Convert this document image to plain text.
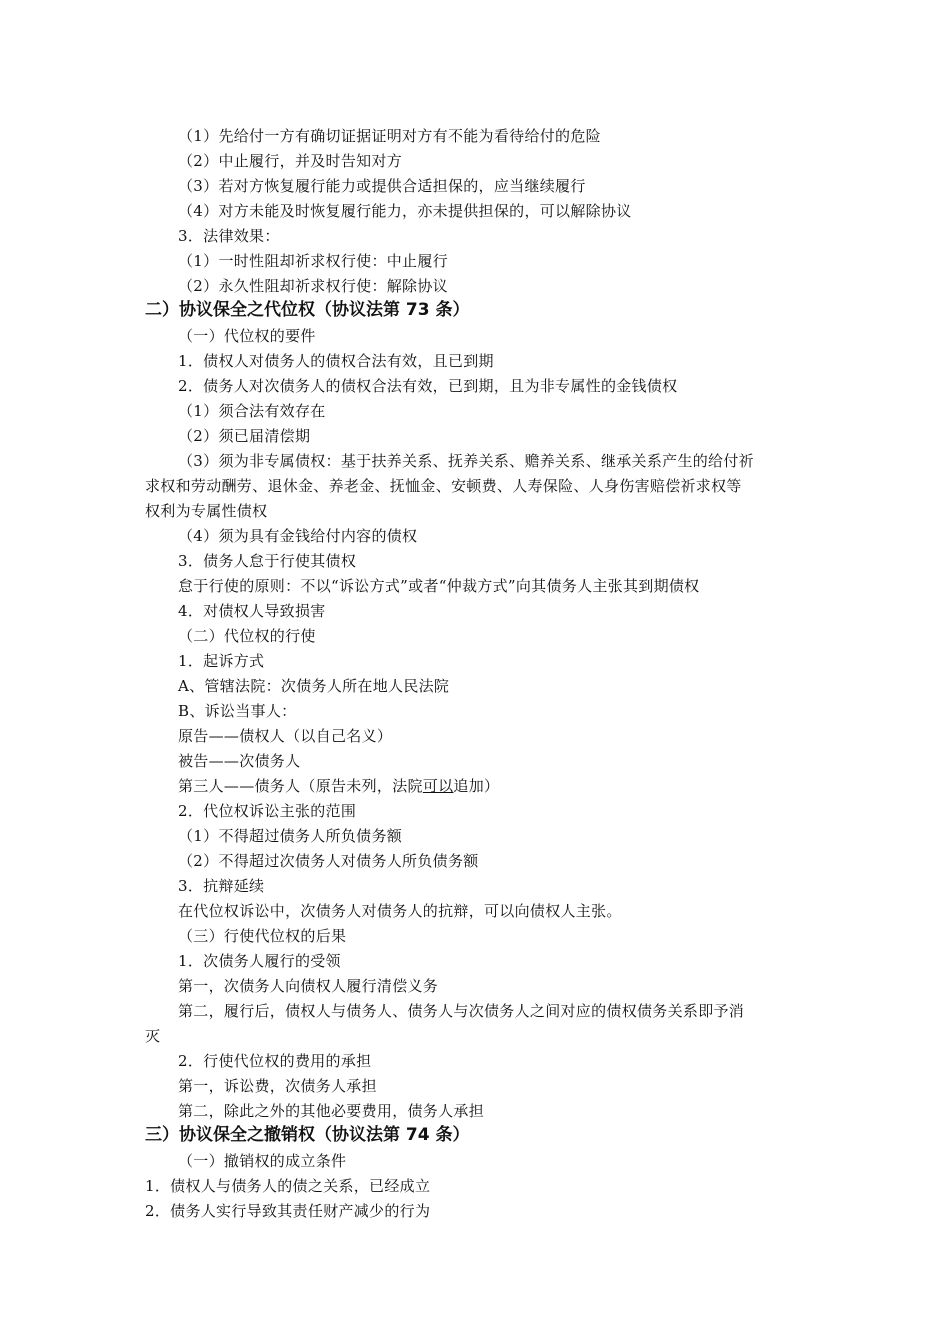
（1）先给付一方有确切证据证明对方有不能为看待给付的危险
（2）中止履行，并及时告知对方
（3）若对方恢复履行能力或提供合适担保的，应当继续履行
（4）对方未能及时恢复履行能力，亦未提供担保的，可以解除协议
3．法律效果：
（1）一时性阻却祈求权行使：中止履行
（2）永久性阻却祈求权行使：解除协议
二）协议保全之代位权（协议法第 73 条）
（一）代位权的要件
1．债权人对债务人的债权合法有效，且已到期
2．债务人对次债务人的债权合法有效，已到期，且为非专属性的金钱债权
（1）须合法有效存在
（2）须已届清偿期
（3）须为非专属债权：基于扶养关系、抚养关系、赡养关系、继承关系产生的给付祈
求权和劳动酬劳、退休金、养老金、抚恤金、安顿费、人寿保险、人身伤害赔偿祈求权等
权利为专属性债权
（4）须为具有金钱给付内容的债权
3．债务人怠于行使其债权
怠于行使的原则：不以“诉讼方式”或者“仲裁方式”向其债务人主张其到期债权
4．对债权人导致损害
（二）代位权的行使
1．起诉方式
A、管辖法院：次债务人所在地人民法院
B、诉讼当事人：
原告——债权人（以自己名义）
被告——次债务人
第三人——债务人（原告未列，法院可以追加）
2．代位权诉讼主张的范围
（1）不得超过债务人所负债务额
（2）不得超过次债务人对债务人所负债务额
3．抗辩延续
在代位权诉讼中，次债务人对债务人的抗辩，可以向债权人主张。
（三）行使代位权的后果
1．次债务人履行的受领
第一，次债务人向债权人履行清偿义务
第二，履行后，债权人与债务人、债务人与次债务人之间对应的债权债务关系即予消
灭
2．行使代位权的费用的承担
第一，诉讼费，次债务人承担
第二，除此之外的其他必要费用，债务人承担
三）协议保全之撤销权（协议法第 74 条）
（一）撤销权的成立条件
1．债权人与债务人的债之关系，已经成立
2．债务人实行导致其责任财产减少的行为
